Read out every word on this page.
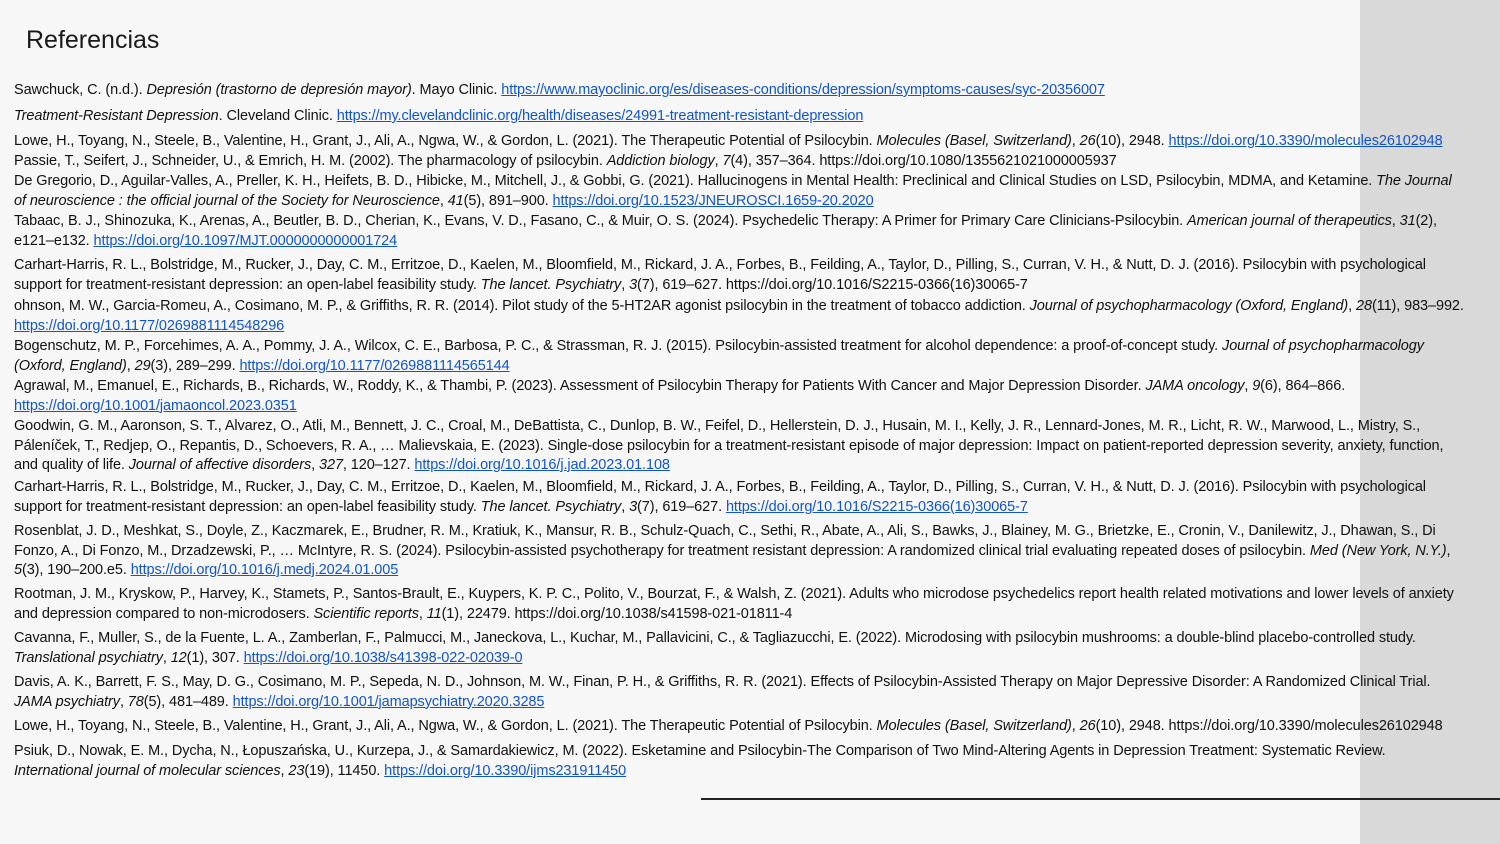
Referencias

Sawchuck, C. (n.d.). Depresión (trastorno de depresión mayor). Mayo Clinic. https://www.mayoclinic.org/es/diseases-conditions/depression/symptoms-causes/syc-20356007

Treatment-Resistant Depression. Cleveland Clinic. https://my.clevelandclinic.org/health/diseases/24991-treatment-resistant-depression

Lowe, H., Toyang, N., Steele, B., Valentine, H., Grant, J., Ali, A., Ngwa, W., & Gordon, L. (2021). The Therapeutic Potential of Psilocybin. Molecules (Basel, Switzerland), 26(10), 2948. https://doi.org/10.3390/molecules26102948

Passie, T., Seifert, J., Schneider, U., & Emrich, H. M. (2002). The pharmacology of psilocybin. Addiction biology, 7(4), 357–364. https://doi.org/10.1080/1355621021000005937

De Gregorio, D., Aguilar-Valles, A., Preller, K. H., Heifets, B. D., Hibicke, M., Mitchell, J., & Gobbi, G. (2021). Hallucinogens in Mental Health: Preclinical and Clinical Studies on LSD, Psilocybin, MDMA, and Ketamine. The Journal of neuroscience : the official journal of the Society for Neuroscience, 41(5), 891–900. https://doi.org/10.1523/JNEUROSCI.1659-20.2020

Tabaac, B. J., Shinozuka, K., Arenas, A., Beutler, B. D., Cherian, K., Evans, V. D., Fasano, C., & Muir, O. S. (2024). Psychedelic Therapy: A Primer for Primary Care Clinicians-Psilocybin. American journal of therapeutics, 31(2), e121–e132. https://doi.org/10.1097/MJT.0000000000001724

Carhart-Harris, R. L., Bolstridge, M., Rucker, J., Day, C. M., Erritzoe, D., Kaelen, M., Bloomfield, M., Rickard, J. A., Forbes, B., Feilding, A., Taylor, D., Pilling, S., Curran, V. H., & Nutt, D. J. (2016). Psilocybin with psychological support for treatment-resistant depression: an open-label feasibility study. The lancet. Psychiatry, 3(7), 619–627. https://doi.org/10.1016/S2215-0366(16)30065-7

ohnson, M. W., Garcia-Romeu, A., Cosimano, M. P., & Griffiths, R. R. (2014). Pilot study of the 5-HT2AR agonist psilocybin in the treatment of tobacco addiction. Journal of psychopharmacology (Oxford, England), 28(11), 983–992. https://doi.org/10.1177/0269881114548296

Bogenschutz, M. P., Forcehimes, A. A., Pommy, J. A., Wilcox, C. E., Barbosa, P. C., & Strassman, R. J. (2015). Psilocybin-assisted treatment for alcohol dependence: a proof-of-concept study. Journal of psychopharmacology (Oxford, England), 29(3), 289–299. https://doi.org/10.1177/0269881114565144

Agrawal, M., Emanuel, E., Richards, B., Richards, W., Roddy, K., & Thambi, P. (2023). Assessment of Psilocybin Therapy for Patients With Cancer and Major Depression Disorder. JAMA oncology, 9(6), 864–866. https://doi.org/10.1001/jamaoncol.2023.0351

Goodwin, G. M., Aaronson, S. T., Alvarez, O., Atli, M., Bennett, J. C., Croal, M., DeBattista, C., Dunlop, B. W., Feifel, D., Hellerstein, D. J., Husain, M. I., Kelly, J. R., Lennard-Jones, M. R., Licht, R. W., Marwood, L., Mistry, S., Páleníček, T., Redjep, O., Repantis, D., Schoevers, R. A., … Malievskaia, E. (2023). Single-dose psilocybin for a treatment-resistant episode of major depression: Impact on patient-reported depression severity, anxiety, function, and quality of life. Journal of affective disorders, 327, 120–127. https://doi.org/10.1016/j.jad.2023.01.108

Carhart-Harris, R. L., Bolstridge, M., Rucker, J., Day, C. M., Erritzoe, D., Kaelen, M., Bloomfield, M., Rickard, J. A., Forbes, B., Feilding, A., Taylor, D., Pilling, S., Curran, V. H., & Nutt, D. J. (2016). Psilocybin with psychological support for treatment-resistant depression: an open-label feasibility study. The lancet. Psychiatry, 3(7), 619–627. https://doi.org/10.1016/S2215-0366(16)30065-7

Rosenblat, J. D., Meshkat, S., Doyle, Z., Kaczmarek, E., Brudner, R. M., Kratiuk, K., Mansur, R. B., Schulz-Quach, C., Sethi, R., Abate, A., Ali, S., Bawks, J., Blainey, M. G., Brietzke, E., Cronin, V., Danilewitz, J., Dhawan, S., Di Fonzo, A., Di Fonzo, M., Drzadzewski, P., … McIntyre, R. S. (2024). Psilocybin-assisted psychotherapy for treatment resistant depression: A randomized clinical trial evaluating repeated doses of psilocybin. Med (New York, N.Y.), 5(3), 190–200.e5. https://doi.org/10.1016/j.medj.2024.01.005

Rootman, J. M., Kryskow, P., Harvey, K., Stamets, P., Santos-Brault, E., Kuypers, K. P. C., Polito, V., Bourzat, F., & Walsh, Z. (2021). Adults who microdose psychedelics report health related motivations and lower levels of anxiety and depression compared to non-microdosers. Scientific reports, 11(1), 22479. https://doi.org/10.1038/s41598-021-01811-4

Cavanna, F., Muller, S., de la Fuente, L. A., Zamberlan, F., Palmucci, M., Janeckova, L., Kuchar, M., Pallavicini, C., & Tagliazucchi, E. (2022). Microdosing with psilocybin mushrooms: a double-blind placebo-controlled study. Translational psychiatry, 12(1), 307. https://doi.org/10.1038/s41398-022-02039-0

Davis, A. K., Barrett, F. S., May, D. G., Cosimano, M. P., Sepeda, N. D., Johnson, M. W., Finan, P. H., & Griffiths, R. R. (2021). Effects of Psilocybin-Assisted Therapy on Major Depressive Disorder: A Randomized Clinical Trial. JAMA psychiatry, 78(5), 481–489. https://doi.org/10.1001/jamapsychiatry.2020.3285

Lowe, H., Toyang, N., Steele, B., Valentine, H., Grant, J., Ali, A., Ngwa, W., & Gordon, L. (2021). The Therapeutic Potential of Psilocybin. Molecules (Basel, Switzerland), 26(10), 2948. https://doi.org/10.3390/molecules26102948

Psiuk, D., Nowak, E. M., Dycha, N., Łopuszańska, U., Kurzepa, J., & Samardakiewicz, M. (2022). Esketamine and Psilocybin-The Comparison of Two Mind-Altering Agents in Depression Treatment: Systematic Review. International journal of molecular sciences, 23(19), 11450. https://doi.org/10.3390/ijms231911450
